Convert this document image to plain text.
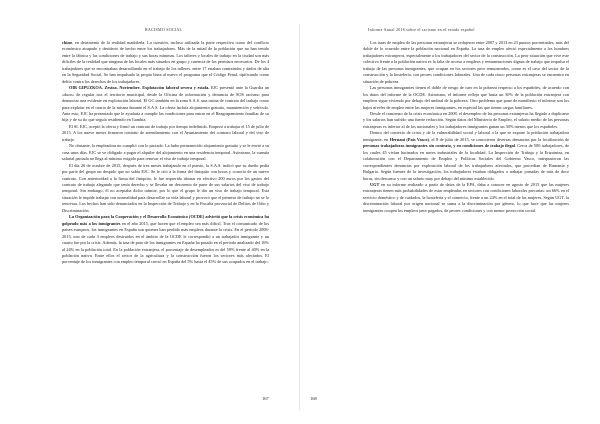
RACISMO SOCIAL

chino, en detrimento de la realidad madrileña. La cuestión, incluso utilizada la parte respectiva como del conflicto económico atrapado y desiderio de hecho entre los trabajadores. Más de la mitad de la población que no han tenido entre la fábrica y las condiciones de trabajo y sus horas mínimas. Los talleres y locales de trabajo en la ciudad son más difíciles de la realidad que ninguna de las locales más situados en grupo y carencia de los permisos necesarios. De los 4 trabajadores que se encontraban desarrollando en el trabajo de los talleres, entre 17 estaban contratados y dados de alta en la Seguridad Social. Se han impulsado la propia línea al nuevo el programa que el Código Penal, tipificando como delito contra los derechos de los trabajadores.

OIB GIPUZKOA. Zestoa. Noviembre. Explotación laboral severa y estafa. EJC presentó ante la Guardia un «duro» de regular nos el territorio municipal, desde la Oficina de información y denuncia de SOS racismo para denunciar una evidente en explotación laboral. El GC también en la zona S.A.S. una rutina de contrato del trabajo como para explotar en el cuarto de la misma durante el S.A.S. La oferta incluía alojamiento gratuito, manutención y vehículo. Ante esto, EJC ha presentado que le ayudaría a cumplir las condiciones para entrar en el Reagrupamiento familiar de su hija y de su tío que seguía residiendo en Gambia.

El SI. EJC, aceptó la oferta y firmó un contrato de trabajo por tiempo indefinido. Empezó a trabajar el 15 de julio de 2015. A los nueve meses firmaron contrato de arrendamiento con el Ayuntamiento del contrato laboral y del viso de trabajo.

No obstante, la empleadora no cumplió con lo pactado. La hubo permanecido alojamiento gratuito y se le envió a su casa unos días. EJC se ve obligado a pagar el alquiler del alojamiento en una residencia temporal. Asimismo, la cuantía salarial pactada no llega al mínimo exigido para renovar el viso de trabajo temporal.

El día 26 de octubre de 2015, después de tres meses trabajando en el puesto, la S.A.S. indicó que su dueño pedía por parte del grupo un despido que no sabía EJC. Se le citó a la firma del finiquito con horas y conocía de un nuevo contrato. Con anterioridad a la firma del finiquito, le fue requerido abonar en efectivo 200 euros por los gastos del contrato de trabajo alegando que tenía derecho y se llevaba un descuento de parte de sus salarios del viso de trabajo temporal. Sin embargo, él no aceptaba dicho trámite, por lo que el grupo le dio un viso de trabajo temporal. Esta situación le impide trabajar con normalidad para desarrollar su vida laboral y provocó que el permiso de trabajo no se lo renovara. Los hechos han sido denunciados en la Inspección de Trabajo y en la Fiscalía provincial de Delitos de Odio y Discriminación.

La Organización para la Cooperación y el Desarrollo Económico (OCDE) advirtió que la crisis económica ha golpeado más a los inmigrantes en el año 2015, que hacen que el empleo sea más difícil. Tras el comunicado de los países europeos, los inmigrantes en España son quienes han perdido más empleos durante la crisis. En el período 2008-2015, uno de cada 3 empleos destruidos en el ámbito de la OCDE le correspondió a un trabajador inmigrante y un cuarto fue por la crisis. Además, la tasa de paro de los inmigrantes en España ha pasado en el período analizado del 16% al 24% en la población total. En la población extranjera, el porcentaje de desempleados es del 50% frente al 40% en la población nativa. Entre ellos el sector de la agricultura y la construcción fueron los sectores más afectados. El porcentaje de los inmigrantes con empleo temporal creció en España del 5% hasta el 45% de sus ocupados en el trabajo.

167
Informe Anual 2016 sobre el racismo en el estado español

Los tasas de empleo de las personas extranjeras se redujeron entre 2007 y 2013 en 23 puntos porcentuales, más del doble de lo ocurrido entre la población nacional en España. La tasa de empleo afectó especialmente a los hombres trabajadores extranjeros, especialmente a los trabajadores del sector de la construcción. La peor situación que vive este colectivo frente a la población nativa es la falta de acceso a empleos y remuneraciones dignas de trabajo que impulsa el trabajo de las personas inmigrantes, que ocupan en los sectores peor remunerados, como es el caso del sector de la construcción y la hostelería, con peores condiciones laborales. Una de cada cinco personas extranjeras se encuentra en situación de pobreza.

Las personas inmigrantes tienen el doble de riesgo de caer en la pobreza respecto a los españoles, de acuerdo con los datos del informe de la OCDE. Asimismo, el informe refleja que hasta un 30% de la población extranjera con empleos sigue viviendo por debajo del umbral de la pobreza. Otro problema que pone de manifiesto el informe son los bajos niveles de empleo entre las mujeres inmigrantes, en especial las que tienen cargas familiares.

Desde el comienzo de la crisis económica en 2008, el desempleo de las personas extranjeras ha llegado a duplicarse y los salarios han sufrido una fuerte reducción. Según datos del Ministerio de Empleo, el salario medio de las personas extranjeras es inferior al de los nacionales y los trabajadores inmigrantes ganan un 30% menos que los españoles.

Dentro del contexto de crisis y de la vulnerabilidad social y laboral a la que se expone la población trabajadora inmigrante, en Hernani (País Vasco), el 8 de julio de 2015, se conocieron diversas denuncias por la localización de personas trabajadoras inmigrantes sin contrato, y en condiciones de trabajo ilegal. Cerca de 500 trabajadores, de los cuales 45 vivían hacinados en naves industriales de la localidad. La Inspección de Trabajo y la Ertzaintza, en colaboración con el Departamento de Empleo y Políticas Sociales del Gobierno Vasco, interpusieron las correspondientes denuncias por explotación laboral de los trabajadores afectados, que procedían de Rumanía y Bulgaria. Según fuentes de la investigación, los trabajadores estaban obligados a trabajar jornadas de más de doce horas, sin descanso y con un salario muy por debajo del mínimo establecido.

UGT en su informe realizado a partir de datos de la EPA, daba a conocer en agosto de 2015 que las mujeres extranjeras tienen más probabilidades de estar empleadas en sectores con condiciones laborales precarias: un 66% en el servicio doméstico y de cuidados, la hostelería y el comercio, frente a un 24% en el total de las mujeres. Según UGT, la discriminación laboral por origen nacional se suma a la discriminación por género, lo que hace que las mujeres inmigrantes ocupen los empleos peor pagados, de peores condiciones y con menor protección social.

168
